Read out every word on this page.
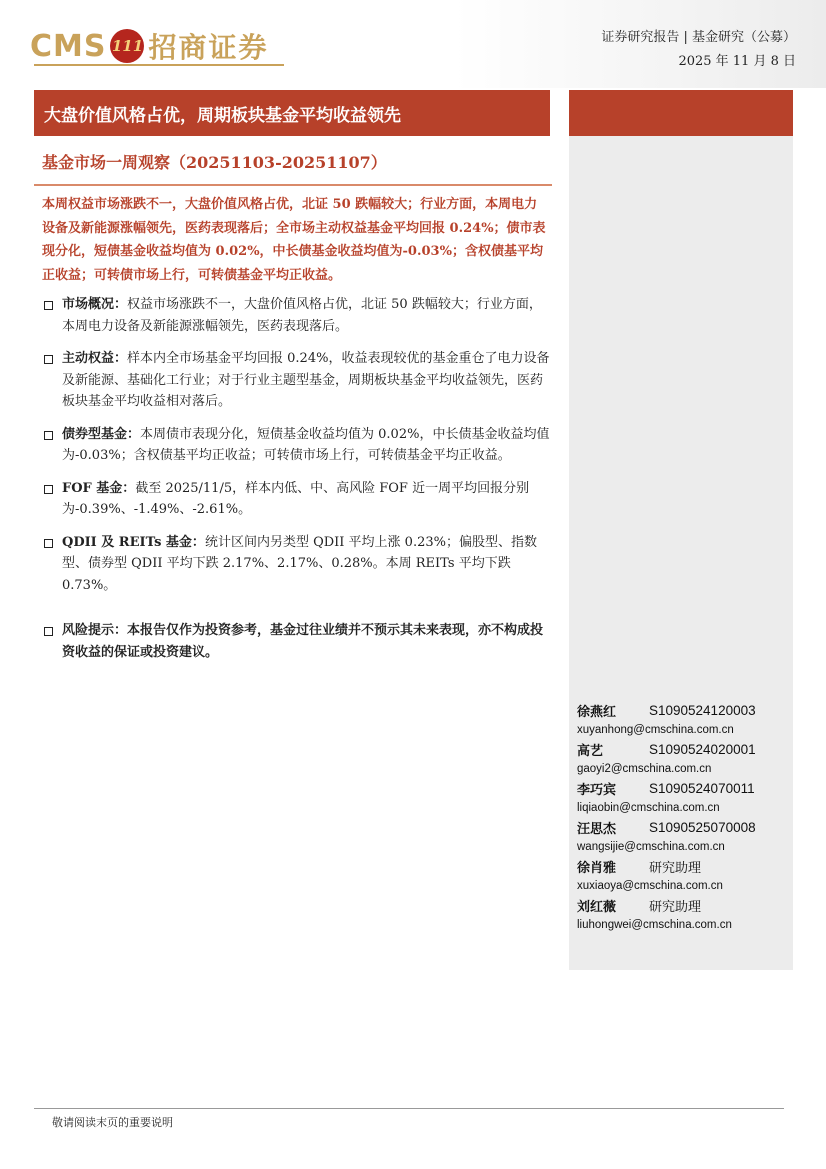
CMS 111 招商证券	证券研究报告 | 基金研究（公募）
2025 年 11 月 8 日
大盘价值风格占优，周期板块基金平均收益领先
基金市场一周观察（20251103-20251107）
本周权益市场涨跌不一，大盘价值风格占优，北证 50 跌幅较大；行业方面，本周电力设备及新能源涨幅领先，医药表现落后；全市场主动权益基金平均回报 0.24%；债市表现分化，短债基金收益均值为 0.02%，中长债基金收益均值为-0.03%；含权债基平均正收益；可转债市场上行，可转债基金平均正收益。
市场概况：权益市场涨跌不一，大盘价值风格占优，北证 50 跌幅较大；行业方面，本周电力设备及新能源涨幅领先，医药表现落后。
主动权益：样本内全市场基金平均回报 0.24%，收益表现较优的基金重仓了电力设备及新能源、基础化工行业；对于行业主题型基金，周期板块基金平均收益领先，医药板块基金平均收益相对落后。
债券型基金：本周债市表现分化，短债基金收益均值为 0.02%，中长债基金收益均值为-0.03%；含权债基平均正收益；可转债市场上行，可转债基金平均正收益。
FOF 基金：截至 2025/11/5，样本内低、中、高风险 FOF 近一周平均回报分别为-0.39%、-1.49%、-2.61%。
QDII 及 REITs 基金：统计区间内另类型 QDII 平均上涨 0.23%；偏股型、指数型、债券型 QDII 平均下跌 2.17%、2.17%、0.28%。本周 REITs 平均下跌 0.73%。
风险提示：本报告仅作为投资参考，基金过往业绩并不预示其未来表现，亦不构成投资收益的保证或投资建议。
徐燕红	S1090524120003
xuyanhong@cmschina.com.cn
高艺	S1090524020001
gaoyi2@cmschina.com.cn
李巧宾	S1090524070011
liqiaobin@cmschina.com.cn
汪思杰	S1090525070008
wangsijie@cmschina.com.cn
徐肖雅	研究助理
xuxiaoya@cmschina.com.cn
刘红薇	研究助理
liuhongwei@cmschina.com.cn
敬请阅读末页的重要说明
